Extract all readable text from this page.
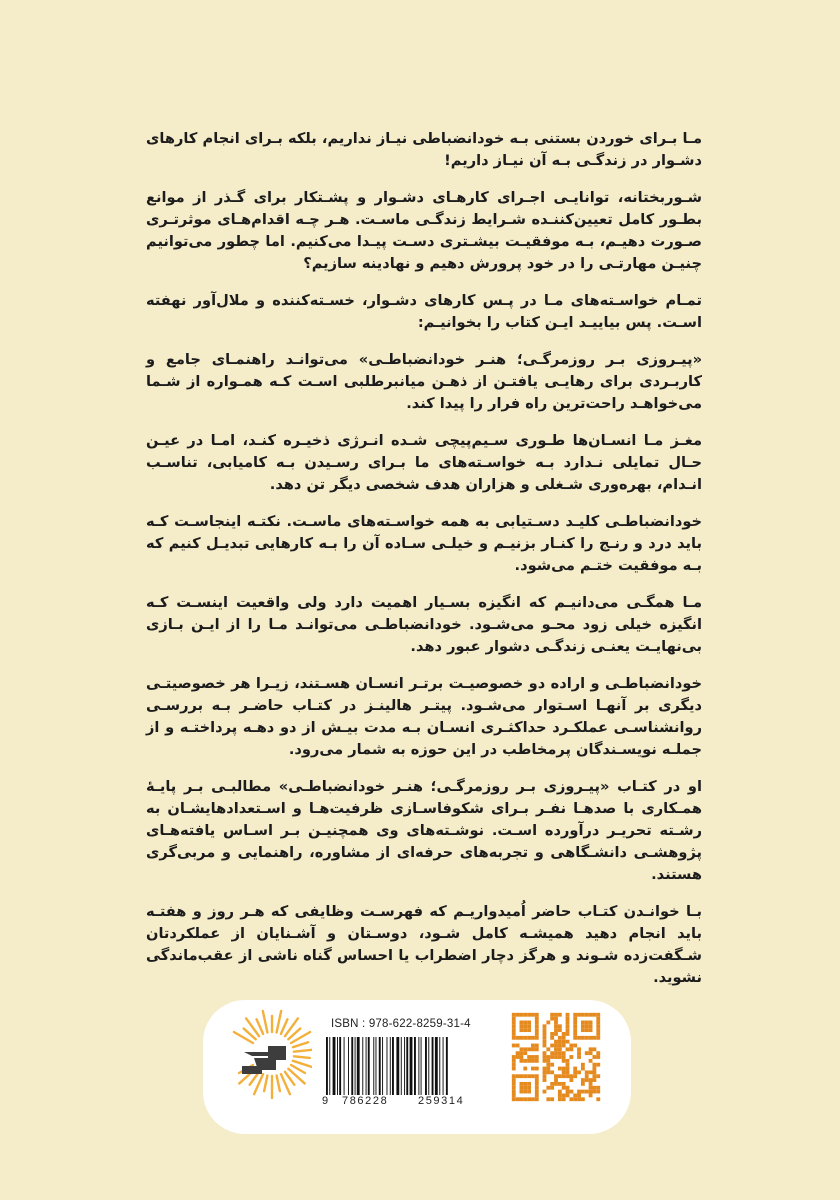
مـا بـرای خوردن بستنی بـه خودانضباطی نیـاز نداریم، بلکه بـرای انجام کارهای دشـوار در زندگـی بـه آن نیـاز داریم!

شـوربختانه، توانایـی اجـرای کارهـای دشـوار و پشـتکار برای گـذر از موانع بطـور کامل تعیین‌کننـده شـرایط زندگـی ماسـت. هـر چـه اقدام‌هـای موثرتـری صـورت دهیـم، بـه موفقیـت بیشـتری دسـت پیـدا می‌کنیم. اما چطور می‌توانیم چنیـن مهارتـی را در خود پرورش دهیم و نهادینه سازیم؟

تمـام خواسـته‌های مـا در پـس کارهای دشـوار، خسـته‌کننده و ملال‌آور نهفته اسـت. پس بیاییـد ایـن کتاب را بخوانیـم:

«پیـروزی بـر روزمرگـی؛ هنـر خودانضباطـی» می‌توانـد راهنمـای جامع و کاربـردی برای رهایـی یافتـن از ذهـن میانبرطلبی اسـت کـه همـواره از شـما می‌خواهـد راحت‌ترین راه فرار را پیدا کند.

مغـز مـا انسـان‌ها طـوری سـیم‌پیچی شـده انـرژی ذخیـره کنـد، امـا در عیـن حـال تمایلی نـدارد بـه خواسـته‌های ما بـرای رسـیدن بـه کامیابی، تناسـب انـدام، بهره‌وری شـغلی و هزاران هدف شخصی دیگر تن دهد.

خودانضباطـی کلیـد دسـتیابی به همه خواسـته‌های ماسـت. نکتـه اینجاسـت کـه باید درد و رنـج را کنـار بزنیـم و خیلـی سـاده آن را بـه کارهایی تبدیـل کنیم که بـه موفقیت ختـم می‌شود.

مـا همگـی می‌دانیـم که انگیزه بسـیار اهمیت دارد ولی واقعیت اینسـت کـه انگیزه خیلی زود محـو می‌شـود. خودانضباطـی می‌توانـد مـا را از ایـن بـازی بی‌نهایـت یعنـی زندگـی دشوار عبور دهد.

خودانضباطـی و اراده دو خصوصیـت برتـر انسـان هسـتند، زیـرا هر خصوصیتـی دیگری بر آنهـا اسـتوار می‌شـود. پیتـر هالینـز در کتـاب حاضـر بـه بررسـی روانشناسـی عملکـرد حداکثـری انسـان بـه مدت بیـش از دو دهـه پرداختـه و از جملـه نویسـندگان پرمخاطب در این حوزه به شمار می‌رود.

او در کتـاب «پیـروزی بـر روزمرگـی؛ هنـر خودانضباطـی» مطالبـی بـر پایـهٔ همـکاری با صدهـا نفـر بـرای شکوفاسـازی ظرفیت‌هـا و اسـتعدادهایشـان به رشـته تحریـر درآورده اسـت. نوشـته‌های وی همچنیـن بـر اسـاس یافته‌هـای پژوهشـی دانشـگاهی و تجربه‌های حرفه‌ای از مشاوره، راهنمایی و مربی‌گری هستند.

بـا خوانـدن کتـاب حاضر اُمیدواریـم که فهرسـت وظایفی که هـر روز و هفتـه باید انجام دهید همیشـه کامل شـود، دوسـتان و آشـنایان از عملکردتان شـگفت‌زده شـوند و هرگز دچار اضطراب یا احساس گناه ناشی از عقب‌ماندگی نشوید.

ISBN : 978-622-8259-31-4
9 786228	259314
